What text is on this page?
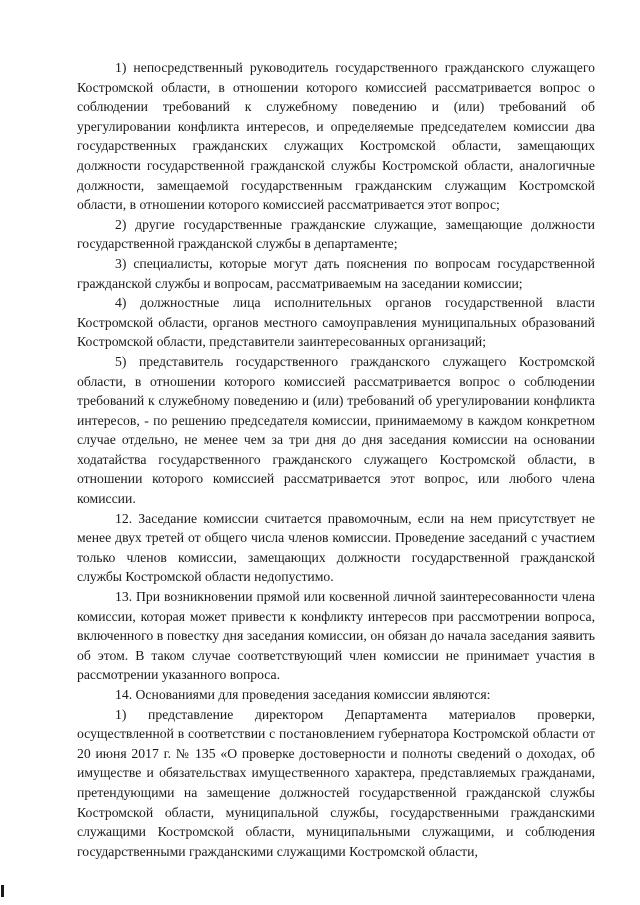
1) непосредственный руководитель государственного гражданского служащего Костромской области, в отношении которого комиссией рассматривается вопрос о соблюдении требований к служебному поведению и (или) требований об урегулировании конфликта интересов, и определяемые председателем комиссии два государственных гражданских служащих Костромской области, замещающих должности государственной гражданской службы Костромской области, аналогичные должности, замещаемой государственным гражданским служащим Костромской области, в отношении которого комиссией рассматривается этот вопрос;

2) другие государственные гражданские служащие, замещающие должности государственной гражданской службы в департаменте;

3) специалисты, которые могут дать пояснения по вопросам государственной гражданской службы и вопросам, рассматриваемым на заседании комиссии;

4) должностные лица исполнительных органов государственной власти Костромской области, органов местного самоуправления муниципальных образований Костромской области, представители заинтересованных организаций;

5) представитель государственного гражданского служащего Костромской области, в отношении которого комиссией рассматривается вопрос о соблюдении требований к служебному поведению и (или) требований об урегулировании конфликта интересов, - по решению председателя комиссии, принимаемому в каждом конкретном случае отдельно, не менее чем за три дня до дня заседания комиссии на основании ходатайства государственного гражданского служащего Костромской области, в отношении которого комиссией рассматривается этот вопрос, или любого члена комиссии.

12. Заседание комиссии считается правомочным, если на нем присутствует не менее двух третей от общего числа членов комиссии. Проведение заседаний с участием только членов комиссии, замещающих должности государственной гражданской службы Костромской области недопустимо.

13. При возникновении прямой или косвенной личной заинтересованности члена комиссии, которая может привести к конфликту интересов при рассмотрении вопроса, включенного в повестку дня заседания комиссии, он обязан до начала заседания заявить об этом. В таком случае соответствующий член комиссии не принимает участия в рассмотрении указанного вопроса.

14. Основаниями для проведения заседания комиссии являются:

1) представление директором Департамента материалов проверки, осуществленной в соответствии с постановлением губернатора Костромской области от 20 июня 2017 г. № 135 «О проверке достоверности и полноты сведений о доходах, об имуществе и обязательствах имущественного характера, представляемых гражданами, претендующими на замещение должностей государственной гражданской службы Костромской области, муниципальной службы, государственными гражданскими служащими Костромской области, муниципальными служащими, и соблюдения государственными гражданскими служащими Костромской области,
